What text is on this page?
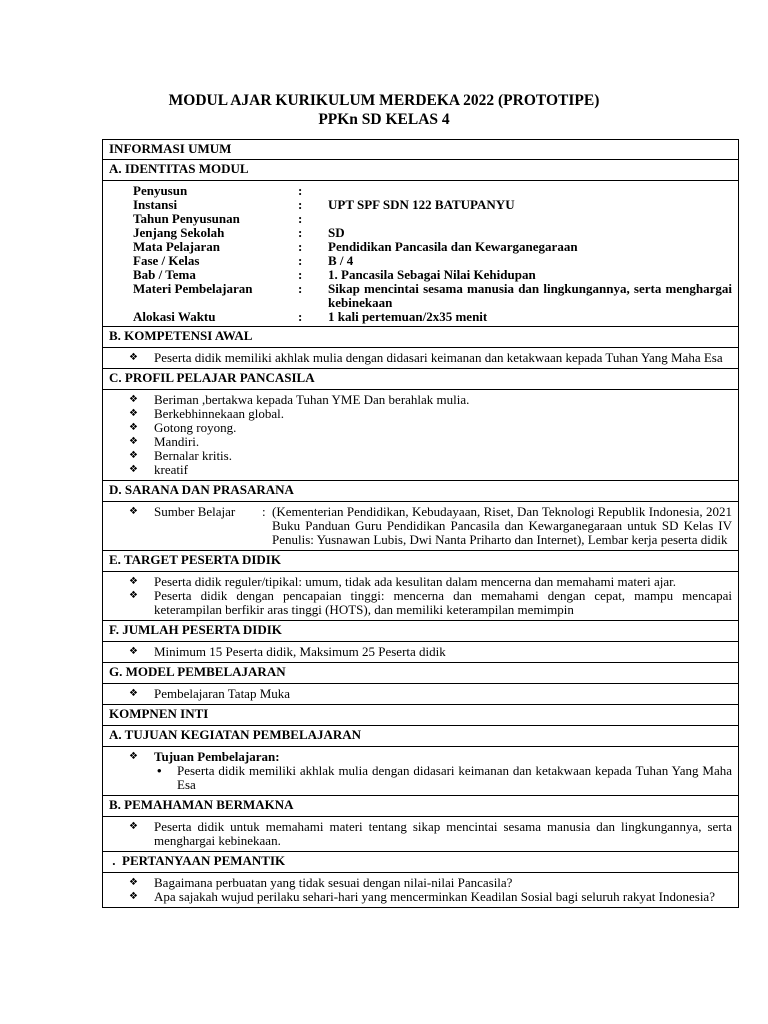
MODUL AJAR KURIKULUM MERDEKA 2022 (PROTOTIPE)
PPKn SD KELAS 4
INFORMASI UMUM
A. IDENTITAS MODUL
Penyusun	:
Instansi	:	UPT SPF SDN 122 BATUPANYU
Tahun Penyusunan	:
Jenjang Sekolah	:	SD
Mata Pelajaran	:	Pendidikan Pancasila dan Kewarganegaraan
Fase / Kelas	:	B / 4
Bab / Tema	:	1. Pancasila Sebagai Nilai Kehidupan
Materi Pembelajaran	:	Sikap mencintai sesama manusia dan lingkungannya, serta menghargai kebinekaan
Alokasi Waktu	:	1 kali pertemuan/2x35 menit
B. KOMPETENSI AWAL
❖ Peserta didik memiliki akhlak mulia dengan didasari keimanan dan ketakwaan kepada Tuhan Yang Maha Esa
C. PROFIL PELAJAR PANCASILA
❖ Beriman ,bertakwa kepada Tuhan YME Dan berahlak mulia.
❖ Berkebhinnekaan global.
❖ Gotong royong.
❖ Mandiri.
❖ Bernalar kritis.
❖ kreatif
D. SARANA DAN PRASARANA
❖ Sumber Belajar	: (Kementerian Pendidikan, Kebudayaan, Riset, Dan Teknologi Republik Indonesia, 2021 Buku Panduan Guru Pendidikan Pancasila dan Kewarganegaraan untuk SD Kelas IV Penulis: Yusnawan Lubis, Dwi Nanta Priharto dan Internet), Lembar kerja peserta didik
E. TARGET PESERTA DIDIK
❖ Peserta didik reguler/tipikal: umum, tidak ada kesulitan dalam mencerna dan memahami materi ajar.
❖ Peserta didik dengan pencapaian tinggi: mencerna dan memahami dengan cepat, mampu mencapai keterampilan berfikir aras tinggi (HOTS), dan memiliki keterampilan memimpin
F. JUMLAH PESERTA DIDIK
❖ Minimum 15 Peserta didik, Maksimum 25 Peserta didik
G. MODEL PEMBELAJARAN
❖ Pembelajaran Tatap Muka
KOMPNEN INTI
A. TUJUAN KEGIATAN PEMBELAJARAN
❖ Tujuan Pembelajaran:
• Peserta didik memiliki akhlak mulia dengan didasari keimanan dan ketakwaan kepada Tuhan Yang Maha Esa
B. PEMAHAMAN BERMAKNA
❖ Peserta didik untuk memahami materi tentang sikap mencintai sesama manusia dan lingkungannya, serta menghargai kebinekaan.
.  PERTANYAAN PEMANTIK
❖ Bagaimana perbuatan yang tidak sesuai dengan nilai-nilai Pancasila?
❖ Apa sajakah wujud perilaku sehari-hari yang mencerminkan Keadilan Sosial bagi seluruh rakyat Indonesia?
